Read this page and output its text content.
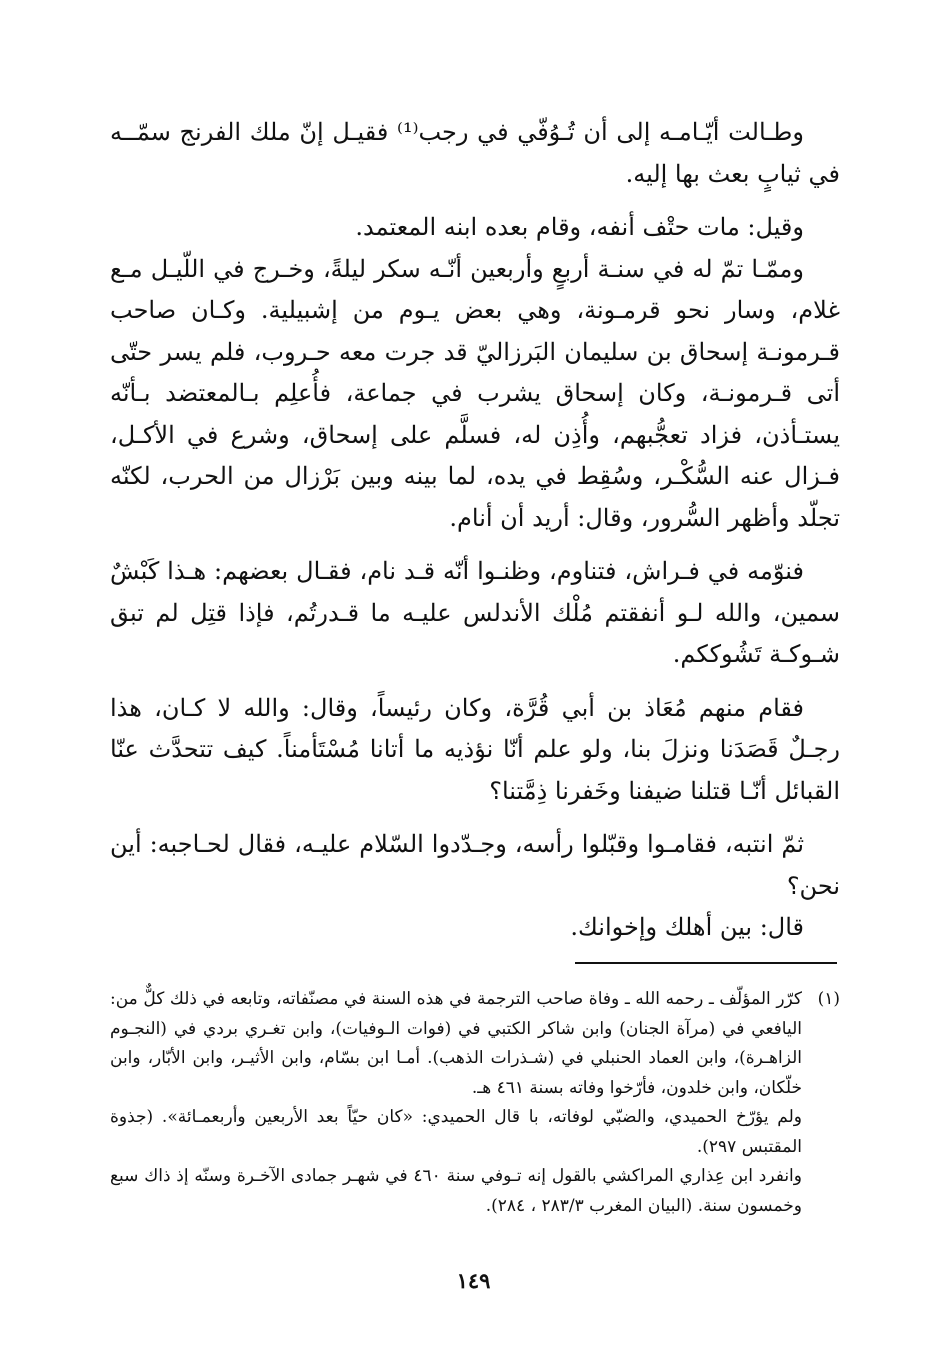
وطـالت أيّـامـه إلى أن تُـوُفّي في رجب⁽¹⁾ فقيـل إنّ ملك الفرنج سمّــه في ثيابٍ بعث بها إليه.

وقيل: مات حتْف أنفه، وقام بعده ابنه المعتمد.

وممّـا تمّ له في سنـة أربعٍ وأربعين أنّـه سكر ليلةً، وخـرج في اللّيـل مـع غلام، وسار نحو قرمـونة، وهي بعض يـوم من إشبيلية. وكـان صاحب قـرمونـة إسحاق بن سليمان البَرزاليّ قد جرت معه حـروب، فلم يسر حتّى أتى قـرمونـة، وكان إسحاق يشرب في جماعة، فأُعلِم بـالمعتضد بـأنّه يستـأذن، فزاد تعجُّبهم، وأُذِن له، فسلَّم على إسحاق، وشرع في الأكـل، فـزال عنه السُّكْـر، وسُقِط في يده، لما بينه وبين بَرْزال من الحرب، لكنّه تجلّد وأظهر السُّرور، وقال: أريد أن أنام.

فنوّمه في فـراش، فتناوم، وظنـوا أنّه قـد نام، فقـال بعضهم: هـذا كَبْشٌ سمين، والله لـو أنفقتم مُلْك الأندلس عليـه ما قـدرتُم، فإذا قتِل لم تبق شـوكـة تَشُوككم.

فقام منهم مُعَاذ بن أبي قُرَّة، وكان رئيساً، وقال: والله لا كـان، هذا رجـلٌ قَصَدَنا ونزلَ بنا، ولو علم أنّا نؤذيه ما أتانا مُسْتَأمناً. كيف تتحدَّث عنّا القبائل أنّـا قتلنا ضيفنا وخَفرنا ذِمَّتنا؟

ثمّ انتبه، فقامـوا وقبّلوا رأسه، وجـدّدوا السّلام عليـه، فقال لحـاجبه: أين نحن؟

قال: بين أهلك وإخوانك.

(١)

كرّر المؤلّف ـ رحمه الله ـ وفاة صاحب الترجمة في هذه السنة في مصنّفاته، وتابعه في ذلك كلٌّ من: اليافعي في (مرآة الجنان) وابن شاكر الكتبي في (فوات الـوفيات)، وابن تغـري بردي في (النجـوم الزاهـرة)، وابن العماد الحنبلي في (شـذرات الذهب). أمـا ابن بسّام، وابن الأثيـر، وابن الأبّار، وابن خلّكان، وابن خلدون، فأرّخوا وفاته بسنة ٤٦١ هـ.

ولم يؤرّخ الحميدي، والضبّي لوفاته، با قال الحميدي: «كان حيّاً بعد الأربعين وأربعمـائة». (جذوة المقتبس ٢٩٧).

وانفرد ابن عِذاري المراكشي بالقول إنه تـوفي سنة ٤٦٠ في شهـر جمادى الآخـرة وسنّه إذ ذاك سبع وخمسون سنة. (البيان المغرب ٢٨٣/٣ ، ٢٨٤).

١٤٩
